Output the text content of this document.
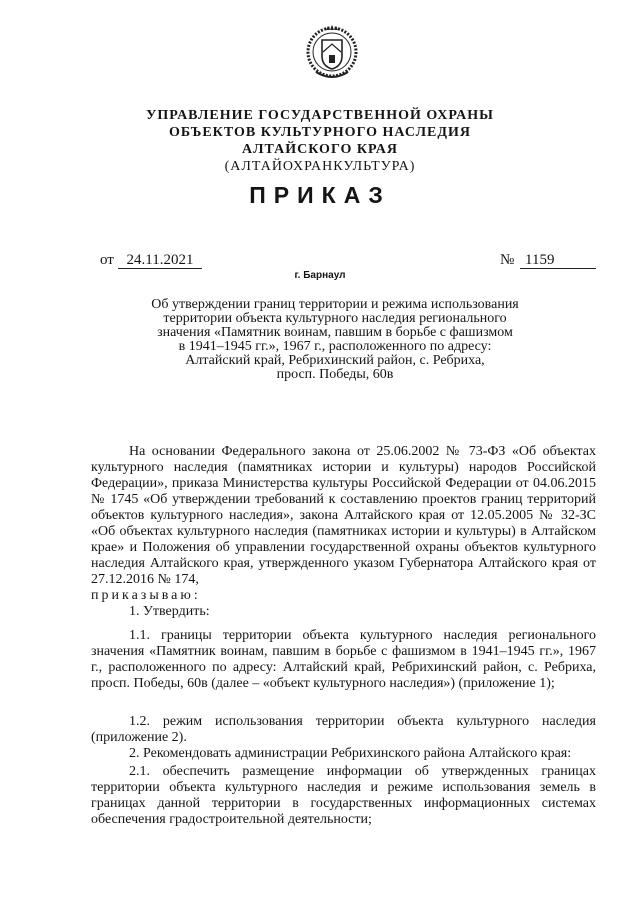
УПРАВЛЕНИЕ ГОСУДАРСТВЕННОЙ ОХРАНЫ
ОБЪЕКТОВ КУЛЬТУРНОГО НАСЛЕДИЯ
АЛТАЙСКОГО КРАЯ
(АЛТАЙОХРАНКУЛЬТУРА)
ПРИКАЗ
от 24.11.2021	№ 1159
г. Барнаул
Об утверждении границ территории и режима использования
территории объекта культурного наследия регионального
значения «Памятник воинам, павшим в борьбе с фашизмом
в 1941–1945 гг.», 1967 г., расположенного по адресу:
Алтайский край, Ребрихинский район, с. Ребриха,
просп. Победы, 60в
На основании Федерального закона от 25.06.2002 № 73-ФЗ «Об объектах культурного наследия (памятниках истории и культуры) народов Российской Федерации», приказа Министерства культуры Российской Федерации от 04.06.2015 № 1745 «Об утверждении требований к составлению проектов границ территорий объектов культурного наследия», закона Алтайского края от 12.05.2005 № 32-ЗС «Об объектах культурного наследия (памятниках истории и культуры) в Алтайском крае» и Положения об управлении государственной охраны объектов культурного наследия Алтайского края, утвержденного указом Губернатора Алтайского края от 27.12.2016 № 174,
приказываю:
1. Утвердить:
1.1. границы территории объекта культурного наследия регионального значения «Памятник воинам, павшим в борьбе с фашизмом в 1941–1945 гг.», 1967 г., расположенного по адресу: Алтайский край, Ребрихинский район, с. Ребриха, просп. Победы, 60в (далее – «объект культурного наследия») (приложение 1);
1.2. режим использования территории объекта культурного наследия (приложение 2).
2. Рекомендовать администрации Ребрихинского района Алтайского края:
2.1. обеспечить размещение информации об утвержденных границах территории объекта культурного наследия и режиме использования земель в границах данной территории в государственных информационных системах обеспечения градостроительной деятельности;
